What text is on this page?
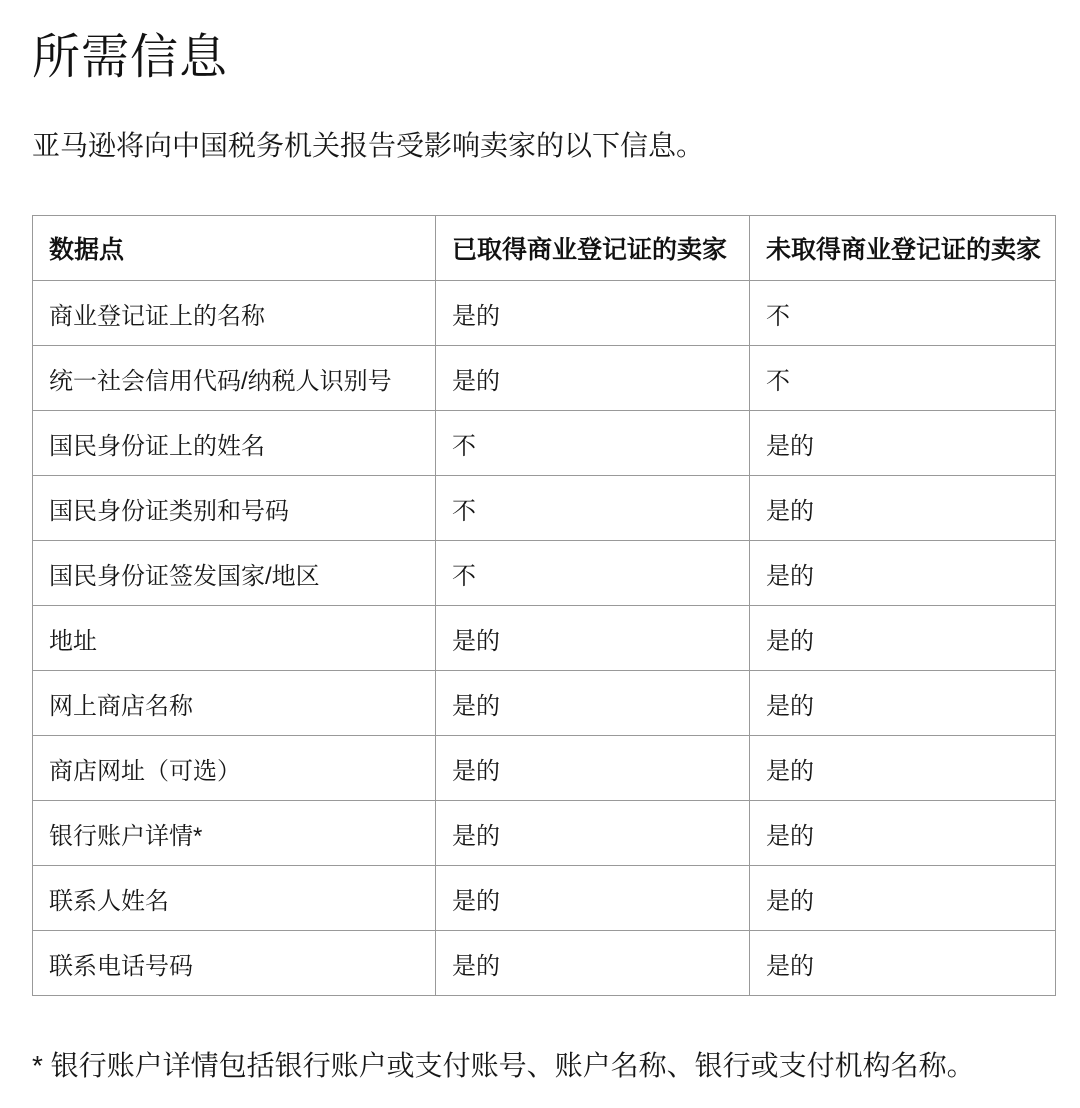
所需信息

亚马逊将向中国税务机关报告受影响卖家的以下信息。

数据点	已取得商业登记证的卖家	未取得商业登记证的卖家
商业登记证上的名称	是的	不
统一社会信用代码/纳税人识别号	是的	不
国民身份证上的姓名	不	是的
国民身份证类别和号码	不	是的
国民身份证签发国家/地区	不	是的
地址	是的	是的
网上商店名称	是的	是的
商店网址（可选）	是的	是的
银行账户详情*	是的	是的
联系人姓名	是的	是的
联系电话号码	是的	是的

* 银行账户详情包括银行账户或支付账号、账户名称、银行或支付机构名称。
